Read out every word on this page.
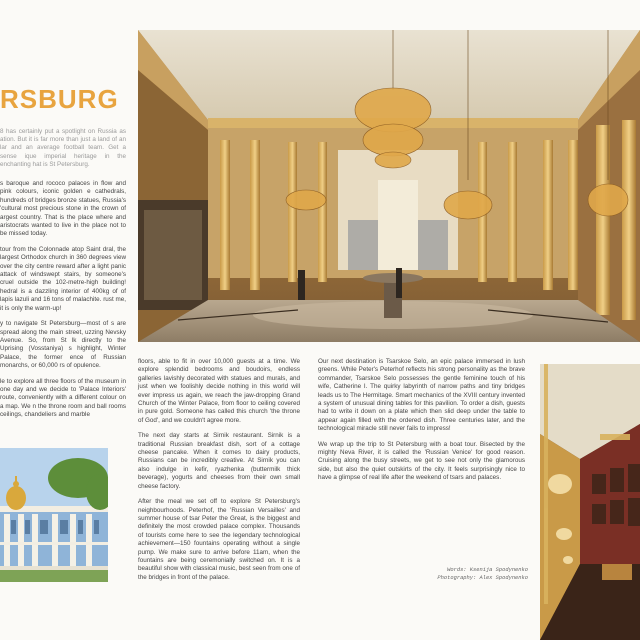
RSBURG
8 has certainly put a spotlight on Russia as ation. But it is far more than just a land of an lar and an average football team. Get a sense ique imperial heritage in the enchanting hat is St Petersburg.

s baroque and rococo palaces in flow and pink colours, iconic golden e cathedrals, hundreds of bridges bronze statues, Russia's 'cultural most precious stone in the crown of argest country. That is the place where and aristocrats wanted to live in the place not to be missed today.

tour from the Colonnade atop Saint dral, the largest Orthodox church in 360 degrees view over the city centre reward after a light panic attack of windswept stairs, by someone's cruel outside the 102-metre-high building! hedral is a dazzling interior of 400kg of of lapis lazuli and 16 tons of malachite. rust me, it is only the warm-up!

y to navigate St Petersburg—most of s are spread along the main street, uzzing Nevsky Avenue. So, from St lk directly to the Uprising (Vosstaniya) s highlight, Winter Palace, the former ence of Russian monarchs, or 60,000 rs of opulence.

le to explore all three floors of the museum in one day and we decide to 'Palace Interiors' route, conveniently with a different colour on a map. We n the throne room and ball rooms ceilings, chandeliers and marble

floors, able to fit in over 10,000 guests at a time. We explore splendid bedrooms and boudoirs, endless galleries lavishly decorated with statues and murals, and just when we foolishly decide nothing in this world will ever impress us again, we reach the jaw-dropping Grand Church of the Winter Palace, from floor to ceiling covered in pure gold. Someone has called this church 'the throne of God', and we couldn't agree more.

The next day starts at Sirnik restaurant. Sirnik is a traditional Russian breakfast dish, sort of a cottage cheese pancake. When it comes to dairy products, Russians can be incredibly creative. At Sirnik you can also indulge in kefir, ryazhenka (buttermilk thick beverage), yogurts and cheeses from their own small cheese factory.

After the meal we set off to explore St Petersburg's neighbourhoods. Peterhof, the 'Russian Versailles' and summer house of tsar Peter the Great, is the biggest and definitely the most crowded palace complex. Thousands of tourists come here to see the legendary technological achievement—150 fountains operating without a single pump. We make sure to arrive before 11am, when the fountains are being ceremonially switched on. It is a beautiful show with classical music, best seen from one of the bridges in front of the palace.

Our next destination is Tsarskoe Selo, an epic palace immersed in lush greens. While Peter's Peterhof reflects his strong personality as the brave commander, Tsarskoe Selo possesses the gentle feminine touch of his wife, Catherine I. The quirky labyrinth of narrow paths and tiny bridges leads us to The Hermitage. Smart mechanics of the XVIII century invented a system of unusual dining tables for this pavilion. To order a dish, guests had to write it down on a plate which then slid deep under the table to appear again filled with the ordered dish. Three centuries later, and the technological miracle still never fails to impress!

We wrap up the trip to St Petersburg with a boat tour. Bisected by the mighty Neva River, it is called the 'Russian Venice' for good reason. Cruising along the busy streets, we get to see not only the glamorous side, but also the quiet outskirts of the city. It feels surprisingly nice to have a glimpse of real life after the weekend of tsars and palaces.

Words: Ksenija Spodynenko
Photography: Alex Spodynenko
